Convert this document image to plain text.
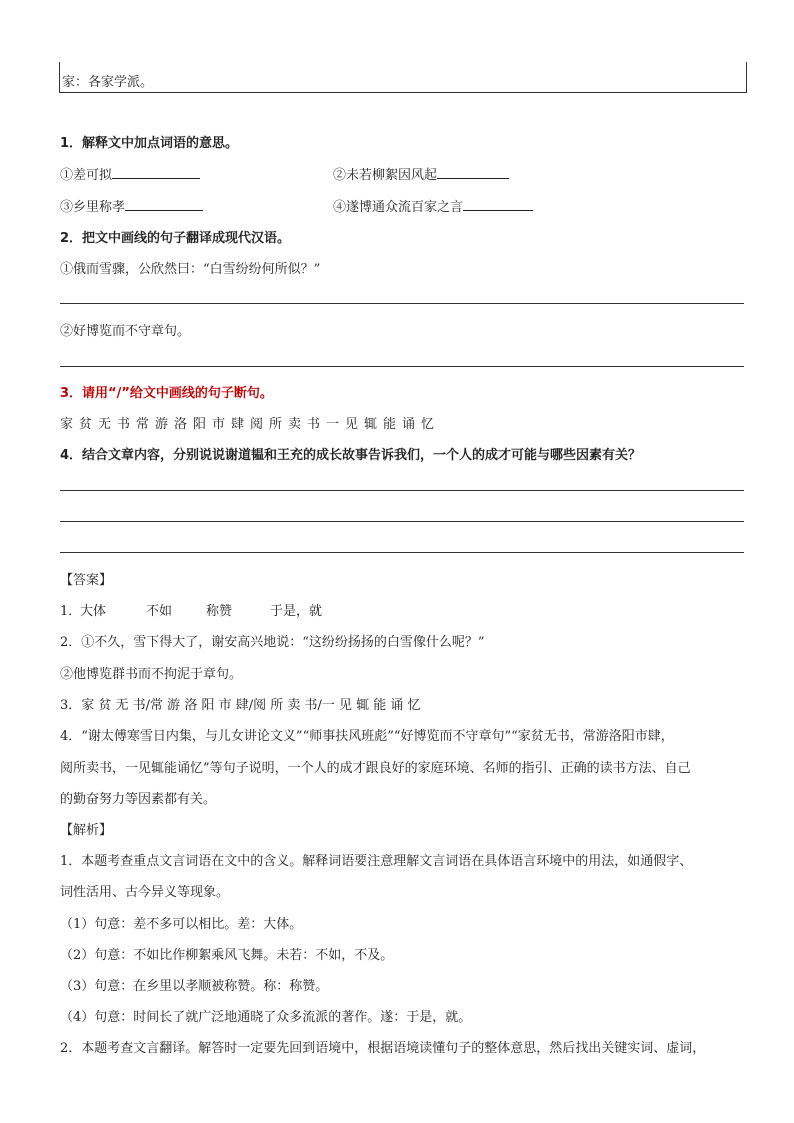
家：各家学派。
1．解释文中加点词语的意思。
①差可拟	②未若柳絮因风起
③乡里称孝	④遂博通众流百家之言
2．把文中画线的句子翻译成现代汉语。
①俄而雪骤，公欣然曰：“白雪纷纷何所似？”
②好博览而不守章句。
3．请用“/”给文中画线的句子断句。
家贫无书常游洛阳市肆阅所卖书一见辄能诵忆
4．结合文章内容，分别说说谢道韫和王充的成长故事告诉我们，一个人的成才可能与哪些因素有关？
【答案】
1．
大体	不如	称赞	于是，就
2．①不久，雪下得大了，谢安高兴地说：“这纷纷扬扬的白雪像什么呢？”
②他博览群书而不拘泥于章句。
3．家 贫 无 书/常 游 洛 阳 市 肆/阅 所 卖 书/一 见 辄 能 诵 忆
4．“谢太傅寒雪日内集，与儿女讲论文义”“师事扶风班彪”“好博览而不守章句”“家贫无书，常游洛阳市肆，
阅所卖书，一见辄能诵忆”等句子说明，一个人的成才跟良好的家庭环境、名师的指引、正确的读书方法、自己
的勤奋努力等因素都有关。
【解析】
1．本题考查重点文言词语在文中的含义。解释词语要注意理解文言词语在具体语言环境中的用法，如通假字、
词性活用、古今异义等现象。
（1）句意：差不多可以相比。差：大体。
（2）句意：不如比作柳絮乘风飞舞。未若：不如，不及。
（3）句意：在乡里以孝顺被称赞。称：称赞。
（4）句意：时间长了就广泛地通晓了众多流派的著作。遂：于是，就。
2．本题考查文言翻译。解答时一定要先回到语境中，根据语境读懂句子的整体意思，然后找出关键实词、虚词，
